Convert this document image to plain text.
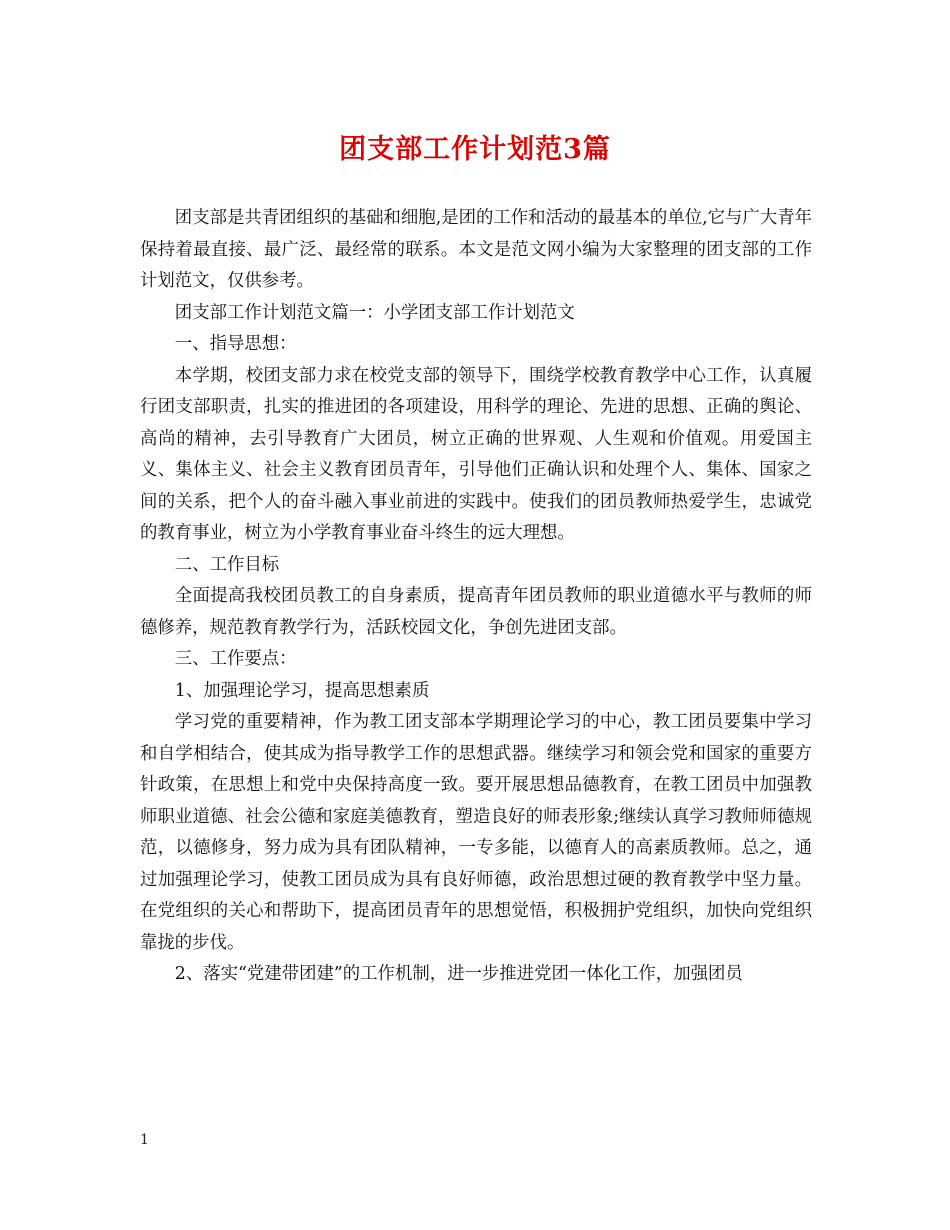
团支部工作计划范3篇

团支部是共青团组织的基础和细胞,是团的工作和活动的最基本的单位,它与广大青年保持着最直接、最广泛、最经常的联系。本文是范文网小编为大家整理的团支部的工作计划范文，仅供参考。

团支部工作计划范文篇一：小学团支部工作计划范文

一、指导思想：

本学期，校团支部力求在校党支部的领导下，围绕学校教育教学中心工作，认真履行团支部职责，扎实的推进团的各项建设，用科学的理论、先进的思想、正确的舆论、高尚的精神，去引导教育广大团员，树立正确的世界观、人生观和价值观。用爱国主义、集体主义、社会主义教育团员青年，引导他们正确认识和处理个人、集体、国家之间的关系，把个人的奋斗融入事业前进的实践中。使我们的团员教师热爱学生，忠诚党的教育事业，树立为小学教育事业奋斗终生的远大理想。

二、工作目标

全面提高我校团员教工的自身素质，提高青年团员教师的职业道德水平与教师的师德修养，规范教育教学行为，活跃校园文化，争创先进团支部。

三、工作要点：

1、加强理论学习，提高思想素质

学习党的重要精神，作为教工团支部本学期理论学习的中心，教工团员要集中学习和自学相结合，使其成为指导教学工作的思想武器。继续学习和领会党和国家的重要方针政策，在思想上和党中央保持高度一致。要开展思想品德教育，在教工团员中加强教师职业道德、社会公德和家庭美德教育，塑造良好的师表形象;继续认真学习教师师德规范，以德修身，努力成为具有团队精神，一专多能，以德育人的高素质教师。总之，通过加强理论学习，使教工团员成为具有良好师德，政治思想过硬的教育教学中坚力量。 在党组织的关心和帮助下，提高团员青年的思想觉悟，积极拥护党组织，加快向党组织靠拢的步伐。

2、落实“党建带团建”的工作机制，进一步推进党团一体化工作，加强团员

1
